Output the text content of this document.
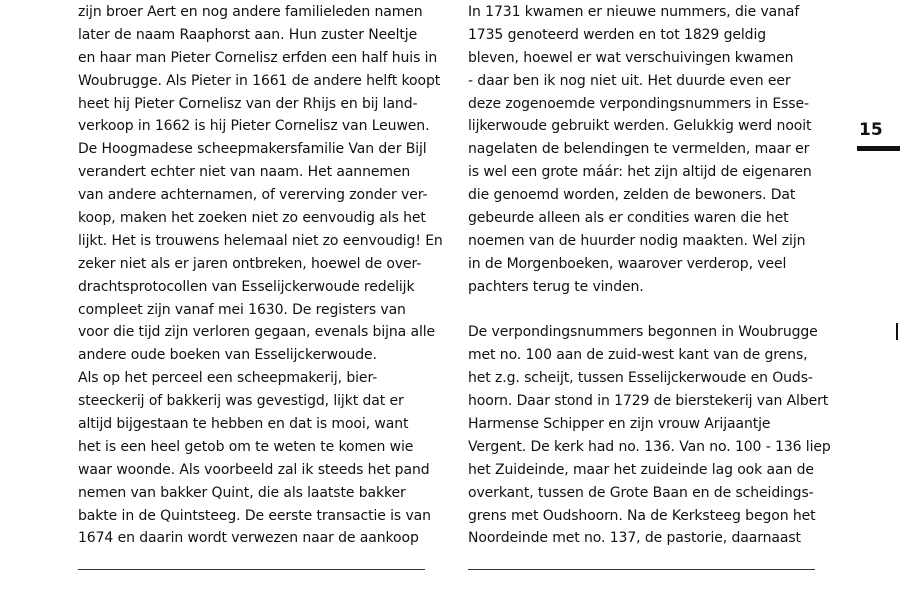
zijn broer Aert en nog andere familieleden namen
later de naam Raaphorst aan. Hun zuster Neeltje
en haar man Pieter Cornelisz erfden een half huis in
Woubrugge. Als Pieter in 1661 de andere helft koopt
heet hij Pieter Cornelisz van der Rhijs en bij land-
verkoop in 1662 is hij Pieter Cornelisz van Leuwen.
De Hoogmadese scheepmakersfamilie Van der Bijl
verandert echter niet van naam. Het aannemen
van andere achternamen, of vererving zonder ver-
koop, maken het zoeken niet zo eenvoudig als het
lijkt. Het is trouwens helemaal niet zo eenvoudig! En
zeker niet als er jaren ontbreken, hoewel de over-
drachtsprotocollen van Esselijckerwoude redelijk
compleet zijn vanaf mei 1630. De registers van
voor die tijd zijn verloren gegaan, evenals bijna alle
andere oude boeken van Esselijckerwoude.
Als op het perceel een scheepmakerij, bier-
steeckerij of bakkerij was gevestigd, lijkt dat er
altijd bijgestaan te hebben en dat is mooi, want
het is een heel getob om te weten te komen wie
waar woonde. Als voorbeeld zal ik steeds het pand
nemen van bakker Quint, die als laatste bakker
bakte in de Quintsteeg. De eerste transactie is van
1674 en daarin wordt verwezen naar de aankoop
In 1731 kwamen er nieuwe nummers, die vanaf
1735 genoteerd werden en tot 1829 geldig
bleven, hoewel er wat verschuivingen kwamen
- daar ben ik nog niet uit. Het duurde even eer
deze zogenoemde verpondingsnummers in Esse-
lijkerwoude gebruikt werden. Gelukkig werd nooit
nagelaten de belendingen te vermelden, maar er
is wel een grote máár: het zijn altijd de eigenaren
die genoemd worden, zelden de bewoners. Dat
gebeurde alleen als er condities waren die het
noemen van de huurder nodig maakten. Wel zijn
in de Morgenboeken, waarover verderop, veel
pachters terug te vinden.
De verpondingsnummers begonnen in Woubrugge
met no. 100 aan de zuid-west kant van de grens,
het z.g. scheijt, tussen Esselijckerwoude en Ouds-
hoorn. Daar stond in 1729 de bierstekerij van Albert
Harmense Schipper en zijn vrouw Arijaantje
Vergent. De kerk had no. 136. Van no. 100 - 136 liep
het Zuideinde, maar het zuideinde lag ook aan de
overkant, tussen de Grote Baan en de scheidings-
grens met Oudshoorn. Na de Kerksteeg begon het
Noordeinde met no. 137, de pastorie, daarnaast
15
